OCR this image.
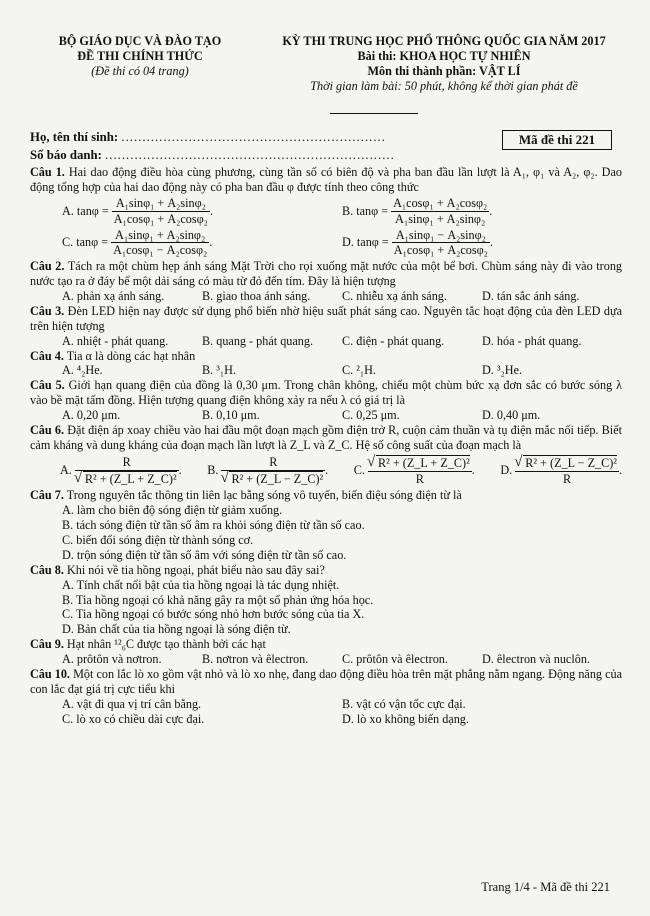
BỘ GIÁO DỤC VÀ ĐÀO TẠO
ĐỀ THI CHÍNH THỨC
(Đề thi có 04 trang)
KỲ THI TRUNG HỌC PHỔ THÔNG QUỐC GIA NĂM 2017
Bài thi: KHOA HỌC TỰ NHIÊN
Môn thi thành phần: VẬT LÍ
Thời gian làm bài: 50 phút, không kể thời gian phát đề
Họ, tên thí sinh: ...............................................................
Số báo danh: .....................................................................
Mã đề thi 221

Câu 1. Hai dao động điều hòa cùng phương, cùng tần số có biên độ và pha ban đầu lần lượt là A₁, φ₁ và A₂, φ₂. Dao động tổng hợp của hai dao động này có pha ban đầu φ được tính theo công thức

A. tanφ =
$\frac{\text{A₁sinφ₁ + A₂sinφ₂}}{\text{A₁cosφ₁ + A₂cosφ₂}}$ .	B. tanφ =
$\frac{\text{A₁cosφ₁ + A₂cosφ₂}}{\text{A₁sinφ₁ + A₂sinφ₂}}$ .
C. tanφ =
$\frac{\text{A₁sinφ₁ + A₂sinφ₂}}{\text{A₁cosφ₁ − A₂cosφ₂}}$ .	D. tanφ =
$\frac{\text{A₁sinφ₁ − A₂sinφ₂}}{\text{A₁cosφ₁ + A₂cosφ₂}}$ .

Câu 2. Tách ra một chùm hẹp ánh sáng Mặt Trời cho rọi xuống mặt nước của một bể bơi. Chùm sáng này đi vào trong nước tạo ra ở đáy bể một dải sáng có màu từ đỏ đến tím. Đây là hiện tượng

A. phản xạ ánh sáng.	B. giao thoa ánh sáng.	C. nhiễu xạ ánh sáng.	D. tán sắc ánh sáng.

Câu 3. Đèn LED hiện nay được sử dụng phổ biến nhờ hiệu suất phát sáng cao. Nguyên tắc hoạt động của đèn LED dựa trên hiện tượng

A. nhiệt - phát quang.	B. quang - phát quang.	C. điện - phát quang.	D. hóa - phát quang.

Câu 4. Tia α là dòng các hạt nhân

A. ⁴₂He.	B. ³₁H.	C. ²₁H.	D. ³₂He.

Câu 5. Giới hạn quang điện của đồng là 0,30 μm. Trong chân không, chiếu một chùm bức xạ đơn sắc có bước sóng λ vào bề mặt tấm đồng. Hiện tượng quang điện không xảy ra nếu λ có giá trị là

A. 0,20 μm.	B. 0,10 μm.	C. 0,25 μm.	D. 0,40 μm.

Câu 6. Đặt điện áp xoay chiều vào hai đầu một đoạn mạch gồm điện trở R, cuộn cảm thuần và tụ điện mắc nối tiếp. Biết cảm kháng và dung kháng của đoạn mạch lần lượt là Z_L và Z_C. Hệ số công suất của đoạn mạch là

A.
R
√ R² + (Z_L + Z_C)² . B.
R
√ R² + (Z_L − Z_C)² . C.
√ $\frac{\text{R² + (Z\_L + Z\_C)²}}{R}$ . D.
√ $\frac{\text{R² + (Z\_L − Z\_C)²}}{R}$ .

Câu 7. Trong nguyên tắc thông tin liên lạc bằng sóng vô tuyến, biến điệu sóng điện từ là

A. làm cho biên độ sóng điện từ giảm xuống.
B. tách sóng điện từ tần số âm ra khỏi sóng điện từ tần số cao.
C. biến đổi sóng điện từ thành sóng cơ.
D. trộn sóng điện từ tần số âm với sóng điện từ tần số cao.

Câu 8. Khi nói về tia hồng ngoại, phát biểu nào sau đây sai?

A. Tính chất nổi bật của tia hồng ngoại là tác dụng nhiệt.
B. Tia hồng ngoại có khả năng gây ra một số phản ứng hóa học.
C. Tia hồng ngoại có bước sóng nhỏ hơn bước sóng của tia X.
D. Bản chất của tia hồng ngoại là sóng điện từ.

Câu 9. Hạt nhân ¹²₆C được tạo thành bởi các hạt

A. prôtôn và nơtron.	B. nơtron và êlectron.	C. prôtôn và êlectron.	D. êlectron và nuclôn.

Câu 10. Một con lắc lò xo gồm vật nhỏ và lò xo nhẹ, đang dao động điều hòa trên mặt phẳng nằm ngang. Động năng của con lắc đạt giá trị cực tiểu khi

A. vật đi qua vị trí cân bằng.	B. vật có vận tốc cực đại.
C. lò xo có chiều dài cực đại.	D. lò xo không biến dạng.
Trang 1/4 - Mã đề thi 221
